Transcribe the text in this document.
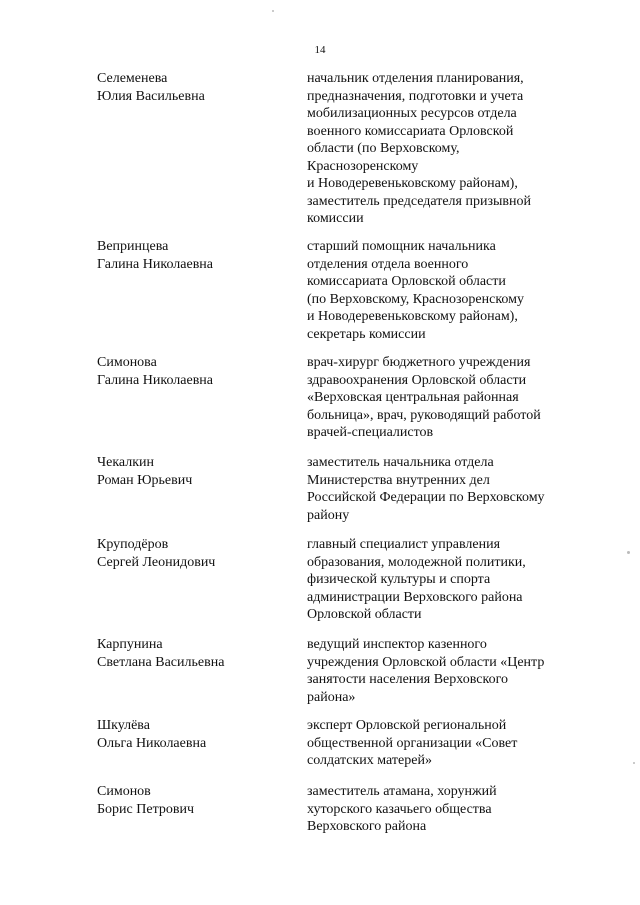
14
Селеменева
Юлия Васильевна
начальник отделения планирования,
предназначения, подготовки и учета
мобилизационных ресурсов отдела
военного комиссариата Орловской
области (по Верховскому,
Краснозоренскому
и Новодеревеньковскому районам),
заместитель председателя призывной
комиссии
Вепринцева
Галина Николаевна
старший помощник начальника
отделения отдела военного
комиссариата Орловской области
(по Верховскому, Краснозоренскому
и Новодеревеньковскому районам),
секретарь комиссии
Симонова
Галина Николаевна
врач-хирург бюджетного учреждения
здравоохранения Орловской области
«Верховская центральная районная
больница», врач, руководящий работой
врачей-специалистов
Чекалкин
Роман Юрьевич
заместитель начальника отдела
Министерства внутренних дел
Российской Федерации по Верховскому
району
Круподёров
Сергей Леонидович
главный специалист управления
образования, молодежной политики,
физической культуры и спорта
администрации Верховского района
Орловской области
Карпунина
Светлана Васильевна
ведущий инспектор казенного
учреждения Орловской области «Центр
занятости населения Верховского
района»
Шкулёва
Ольга Николаевна
эксперт Орловской региональной
общественной организации «Совет
солдатских матерей»
Симонов
Борис Петрович
заместитель атамана, хорунжий
хуторского казачьего общества
Верховского района
